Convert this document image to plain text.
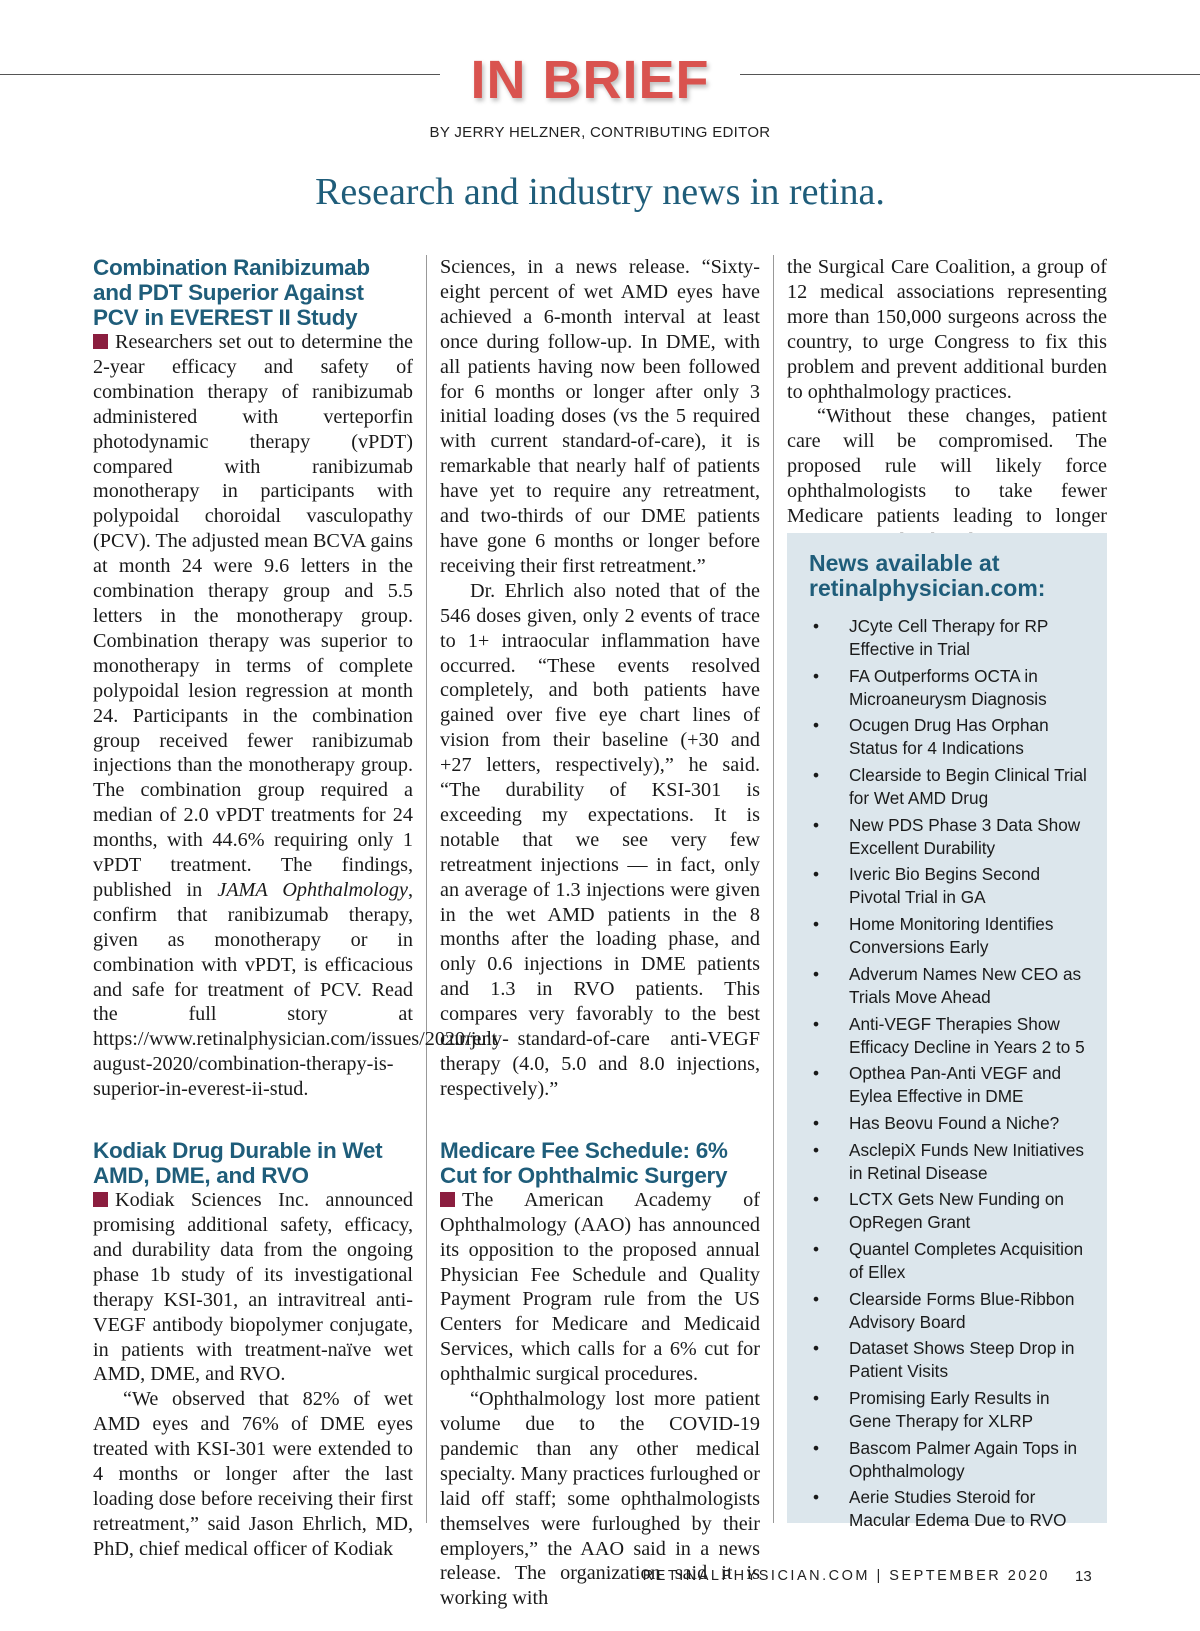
IN BRIEF
BY JERRY HELZNER, CONTRIBUTING EDITOR
Research and industry news in retina.
Combination Ranibizumab and PDT Superior Against PCV in EVEREST II Study

Researchers set out to determine the 2-year efficacy and safety of combination therapy of ranibizumab administered with verteporfin photodynamic therapy (vPDT) compared with ranibizumab monotherapy in participants with polypoidal choroidal vasculopathy (PCV). The adjusted mean BCVA gains at month 24 were 9.6 letters in the combination therapy group and 5.5 letters in the monotherapy group. Combination therapy was superior to monotherapy in terms of complete polypoidal lesion regression at month 24. Participants in the combination group received fewer ranibizumab injections than the monotherapy group. The combination group required a median of 2.0 vPDT treatments for 24 months, with 44.6% requiring only 1 vPDT treatment. The findings, published in JAMA Ophthalmology, confirm that ranibizumab therapy, given as monotherapy or in combination with vPDT, is efficacious and safe for treatment of PCV. Read the full story at https://www.retinalphysician.com/issues/2020/july-august-2020/combination-therapy-is-superior-in-everest-ii-stud.

Kodiak Drug Durable in Wet AMD, DME, and RVO

Kodiak Sciences Inc. announced promising additional safety, efficacy, and durability data from the ongoing phase 1b study of its investigational therapy KSI-301, an intravitreal anti-VEGF antibody biopolymer conjugate, in patients with treatment-naïve wet AMD, DME, and RVO.

“We observed that 82% of wet AMD eyes and 76% of DME eyes treated with KSI-301 were extended to 4 months or longer after the last loading dose before receiving their first retreatment,” said Jason Ehrlich, MD, PhD, chief medical officer of Kodiak

Sciences, in a news release. “Sixty-eight percent of wet AMD eyes have achieved a 6-month interval at least once during follow-up. In DME, with all patients having now been followed for 6 months or longer after only 3 initial loading doses (vs the 5 required with current standard-of-care), it is remarkable that nearly half of patients have yet to require any retreatment, and two-thirds of our DME patients have gone 6 months or longer before receiving their first retreatment.”

Dr. Ehrlich also noted that of the 546 doses given, only 2 events of trace to 1+ intraocular inflammation have occurred. “These events resolved completely, and both patients have gained over five eye chart lines of vision from their baseline (+30 and +27 letters, respectively),” he said. “The durability of KSI-301 is exceeding my expectations. It is notable that we see very few retreatment injections — in fact, only an average of 1.3 injections were given in the wet AMD patients in the 8 months after the loading phase, and only 0.6 injections in DME patients and 1.3 in RVO patients. This compares very favorably to the best current standard-of-care anti-VEGF therapy (4.0, 5.0 and 8.0 injections, respectively).”

Medicare Fee Schedule: 6% Cut for Ophthalmic Surgery

The American Academy of Ophthalmology (AAO) has announced its opposition to the proposed annual Physician Fee Schedule and Quality Payment Program rule from the US Centers for Medicare and Medicaid Services, which calls for a 6% cut for ophthalmic surgical procedures.

“Ophthalmology lost more patient volume due to the COVID-19 pandemic than any other medical specialty. Many practices furloughed or laid off staff; some ophthalmologists themselves were furloughed by their employers,” the AAO said in a news release. The organization said it is working with

the Surgical Care Coalition, a group of 12 medical associations representing more than 150,000 surgeons across the country, to urge Congress to fix this problem and prevent additional burden to ophthalmology practices.

“Without these changes, patient care will be compromised. The proposed rule will likely force ophthalmologists to take fewer Medicare patients leading to longer

News available at retinalphysician.com:
• JCyte Cell Therapy for RP Effective in Trial
• FA Outperforms OCTA in Microaneurysm Diagnosis
• Ocugen Drug Has Orphan Status for 4 Indications
• Clearside to Begin Clinical Trial for Wet AMD Drug
• New PDS Phase 3 Data Show Excellent Durability
• Iveric Bio Begins Second Pivotal Trial in GA
• Home Monitoring Identifies Conversions Early
• Adverum Names New CEO as Trials Move Ahead
• Anti-VEGF Therapies Show Efficacy Decline in Years 2 to 5
• Opthea Pan-Anti VEGF and Eylea Effective in DME
• Has Beovu Found a Niche?
• AsclepiX Funds New Initiatives in Retinal Disease
• LCTX Gets New Funding on OpRegen Grant
• Quantel Completes Acquisition of Ellex
• Clearside Forms Blue-Ribbon Advisory Board
• Dataset Shows Steep Drop in Patient Visits
• Promising Early Results in Gene Therapy for XLRP
• Bascom Palmer Again Tops in Ophthalmology
• Aerie Studies Steroid for Macular Edema Due to RVO
RETINALPHYSICIAN.COM | SEPTEMBER 2020 13
